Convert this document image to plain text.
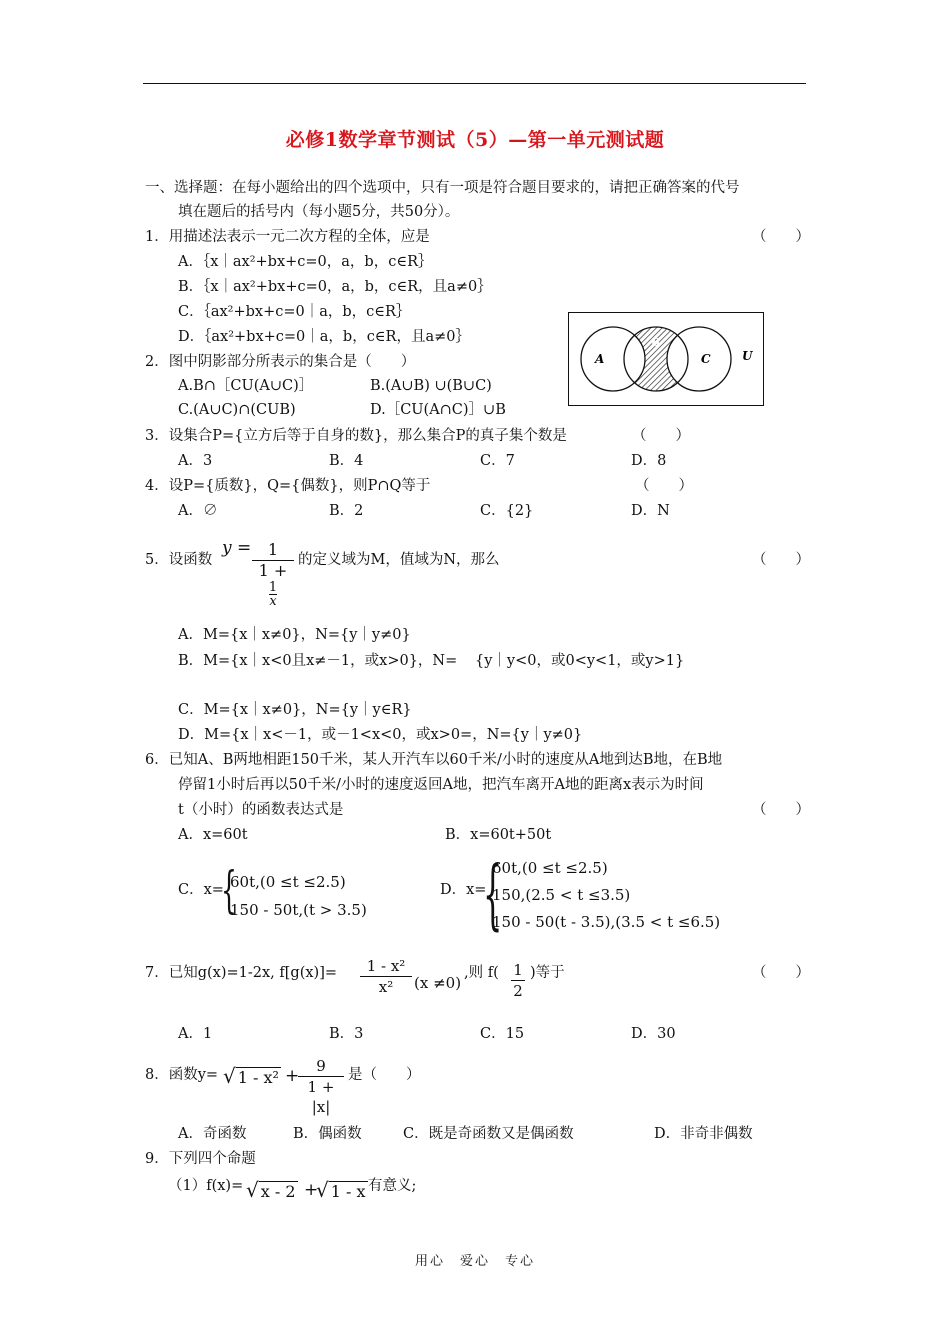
必修1数学章节测试（5）—第一单元测试题
一、选择题：在每小题给出的四个选项中，只有一项是符合题目要求的，请把正确答案的代号
填在题后的括号内（每小题5分，共50分）。
1．用描述法表示一元二次方程的全体，应是	（　　）
A．｛x｜ax²+bx+c=0，a，b，c∈R｝
B．｛x｜ax²+bx+c=0，a，b，c∈R，且a≠0｝
C．｛ax²+bx+c=0｜a，b，c∈R｝
D．｛ax²+bx+c=0｜a，b，c∈R，且a≠0｝
A
B
C	U
2．图中阴影部分所表示的集合是（　　）
A.B∩［CU(A∪C)］	B.(A∪B) ∪(B∪C)
C.(A∪C)∩(CUB)	D.［CU(A∩C)］∪B
3．设集合P={立方后等于自身的数}，那么集合P的真子集个数是	（　　）
A．3	B．4	C．7	D．8
4．设P={质数}，Q={偶数}，则P∩Q等于	（　　）
A．∅	B．2	C．{2}	D．N
5．设函数
y =	1
1 +
$\frac{1}{x}$
的定义域为M，值域为N，那么	（　　）
A．M={x｜x≠0}，N={y｜y≠0}
B．M={x｜x<0且x≠－1，或x>0}，N= {y｜y<0，或0<y<1，或y>1}
C．M={x｜x≠0}，N={y｜y∈R}
D．M={x｜x<－1，或－1<x<0，或x>0=，N={y｜y≠0}
6．已知A、B两地相距150千米，某人开汽车以60千米/小时的速度从A地到达B地，在B地
停留1小时后再以50千米/小时的速度返回A地，把汽车离开A地的距离x表示为时间
t（小时）的函数表达式是	（　　）
A．x=60t	B．x=60t+50t
C．x=
{
60t,(0 ≤t ≤2.5)
150 - 50t,(t > 3.5)
D．x=
{
60t,(0 ≤t ≤2.5)
150,(2.5 < t ≤3.5)
150 - 50(t - 3.5),(3.5 < t ≤6.5)
7．已知g(x)=1-2x, $f[g(x)]= \frac{\text{1 - x²}}{\text{x²}} (x \ne 0)$
,则 $f( \frac{1}{2}$ )等于	（　　）
A．1	B．3	C．15	D．30
8．函数y= √ 1 - x² +
$\frac{9}{1 + |x|}$ 是（　　）
A．奇函数	B．偶函数	C．既是奇函数又是偶函数	D．非奇非偶数
9．下列四个命题
（1）f(x)= √ x - 2 +
√ 1 - x 有意义;
用心　爱心　专心
